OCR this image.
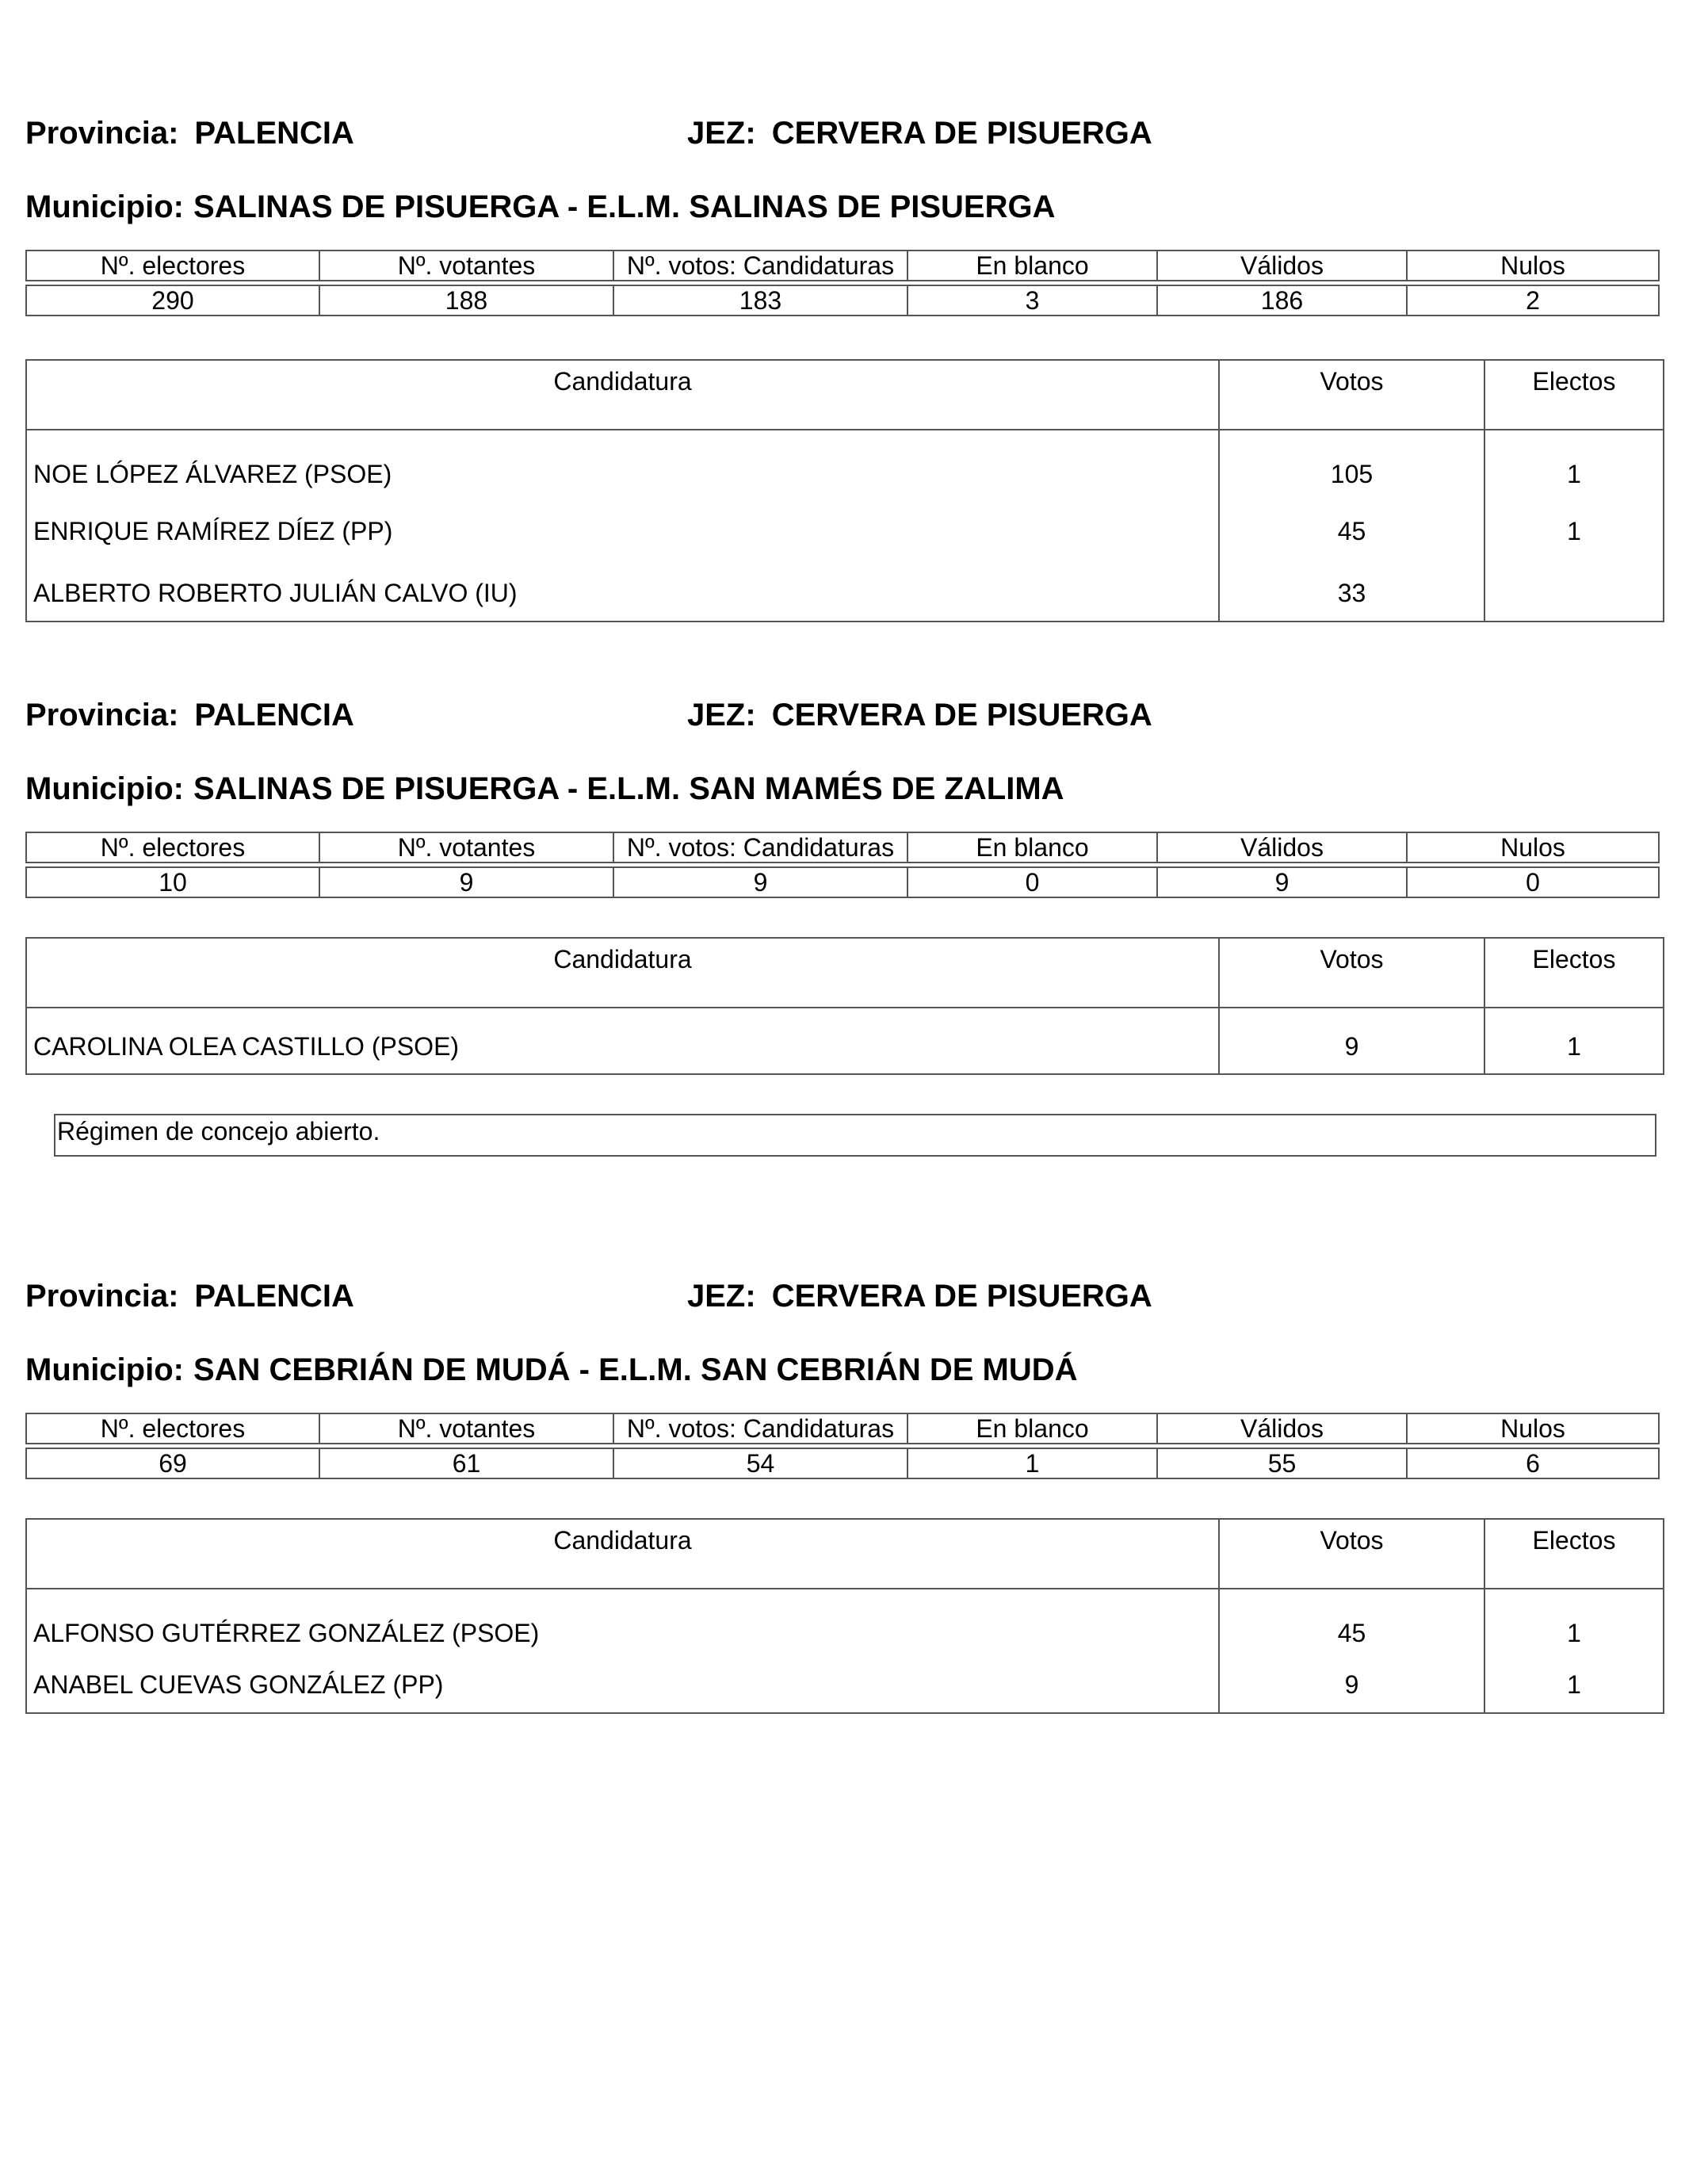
Provincia: PALENCIA	JEZ: CERVERA DE PISUERGA
Municipio: SALINAS DE PISUERGA - E.L.M. SALINAS DE PISUERGA
Nº. electores	Nº. votantes	Nº. votos: Candidaturas	En blanco	Válidos	Nulos

290	188	183	3	186	2
Candidatura	Votos	Electos
NOE LÓPEZ ÁLVAREZ (PSOE)	105	1
ENRIQUE RAMÍREZ DÍEZ (PP)	45	1
ALBERTO ROBERTO JULIÁN CALVO (IU)	33	
Provincia: PALENCIA	JEZ: CERVERA DE PISUERGA
Municipio: SALINAS DE PISUERGA - E.L.M. SAN MAMÉS DE ZALIMA
Nº. electores	Nº. votantes	Nº. votos: Candidaturas	En blanco	Válidos	Nulos

10	9	9	0	9	0
Candidatura	Votos	Electos
CAROLINA OLEA CASTILLO (PSOE)	9	1
Régimen de concejo abierto.
Provincia: PALENCIA	JEZ: CERVERA DE PISUERGA
Municipio: SAN CEBRIÁN DE MUDÁ - E.L.M. SAN CEBRIÁN DE MUDÁ
Nº. electores	Nº. votantes	Nº. votos: Candidaturas	En blanco	Válidos	Nulos

69	61	54	1	55	6
Candidatura	Votos	Electos
ALFONSO GUTÉRREZ GONZÁLEZ (PSOE)	45	1
ANABEL CUEVAS GONZÁLEZ (PP)	9	1
